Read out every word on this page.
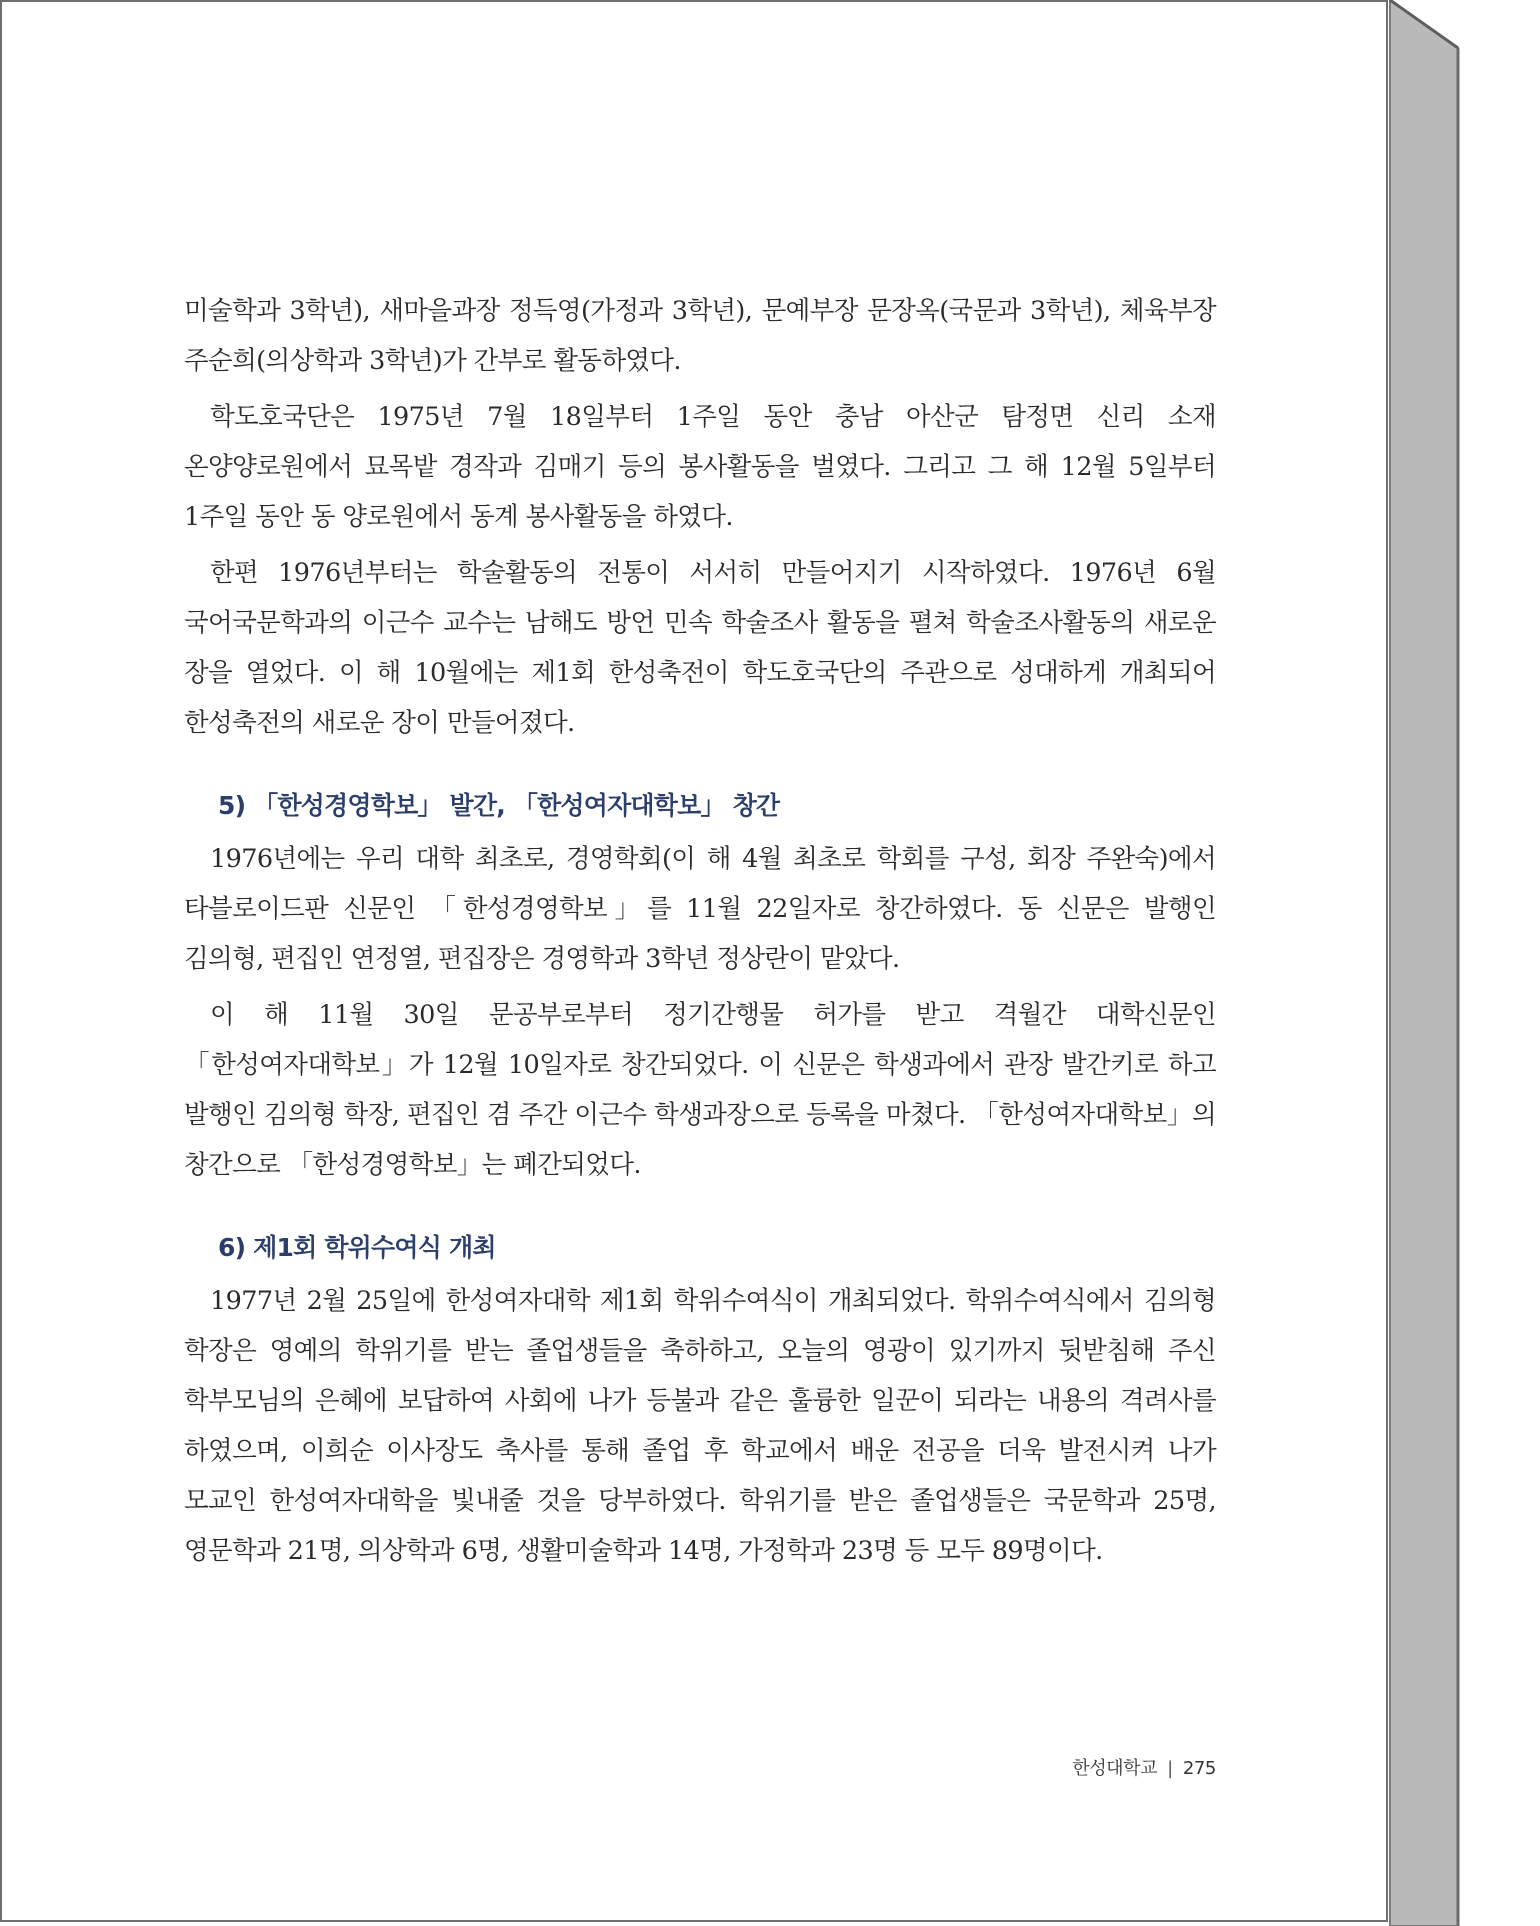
미술학과 3학년), 새마을과장 정득영(가정과 3학년), 문예부장 문장옥(국문과 3학년), 체육부장 주순희(의상학과 3학년)가 간부로 활동하였다.

학도호국단은 1975년 7월 18일부터 1주일 동안 충남 아산군 탐정면 신리 소재 온양양로원에서 묘목밭 경작과 김매기 등의 봉사활동을 벌였다. 그리고 그 해 12월 5일부터 1주일 동안 동 양로원에서 동계 봉사활동을 하였다.

한편 1976년부터는 학술활동의 전통이 서서히 만들어지기 시작하였다. 1976년 6월 국어국문학과의 이근수 교수는 남해도 방언 민속 학술조사 활동을 펼쳐 학술조사활동의 새로운 장을 열었다. 이 해 10월에는 제1회 한성축전이 학도호국단의 주관으로 성대하게 개최되어 한성축전의 새로운 장이 만들어졌다.

5) 「한성경영학보」 발간, 「한성여자대학보」 창간

1976년에는 우리 대학 최초로, 경영학회(이 해 4월 최초로 학회를 구성, 회장 주완숙)에서 타블로이드판 신문인 「한성경영학보」를 11월 22일자로 창간하였다. 동 신문은 발행인 김의형, 편집인 연정열, 편집장은 경영학과 3학년 정상란이 맡았다.

이 해 11월 30일 문공부로부터 정기간행물 허가를 받고 격월간 대학신문인 「한성여자대학보」가 12월 10일자로 창간되었다. 이 신문은 학생과에서 관장 발간키로 하고 발행인 김의형 학장, 편집인 겸 주간 이근수 학생과장으로 등록을 마쳤다. 「한성여자대학보」의 창간으로 「한성경영학보」는 폐간되었다.

6) 제1회 학위수여식 개최

1977년 2월 25일에 한성여자대학 제1회 학위수여식이 개최되었다. 학위수여식에서 김의형 학장은 영예의 학위기를 받는 졸업생들을 축하하고, 오늘의 영광이 있기까지 뒷받침해 주신 학부모님의 은혜에 보답하여 사회에 나가 등불과 같은 훌륭한 일꾼이 되라는 내용의 격려사를 하였으며, 이희순 이사장도 축사를 통해 졸업 후 학교에서 배운 전공을 더욱 발전시켜 나가 모교인 한성여자대학을 빛내줄 것을 당부하였다. 학위기를 받은 졸업생들은 국문학과 25명, 영문학과 21명, 의상학과 6명, 생활미술학과 14명, 가정학과 23명 등 모두 89명이다.

한성대학교 | 275
